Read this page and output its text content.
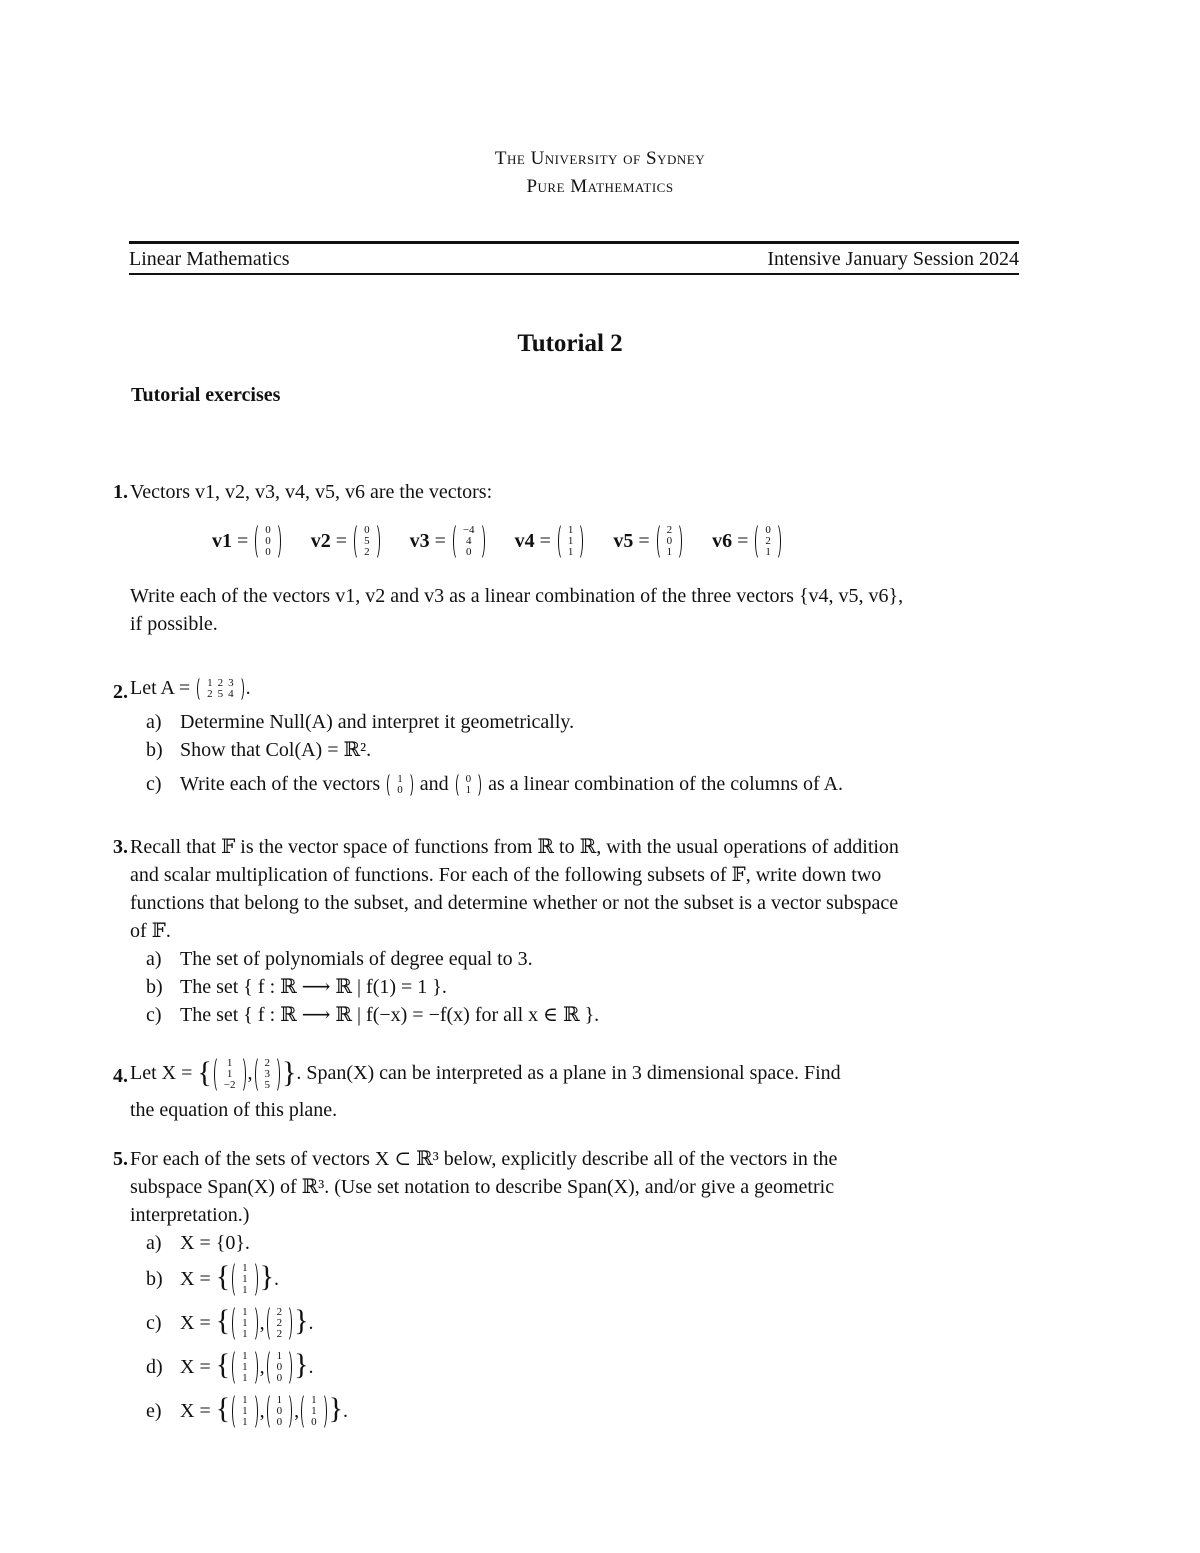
The University of Sydney
Pure Mathematics
Linear Mathematics	Intensive January Session 2024
Tutorial 2
Tutorial exercises
1. Vectors v1, v2, v3, v4, v5, v6 are the vectors:
v1 =
0
0
0 v2 =
0
5
2 v3 =
−4
4
0 v4 =
1
1
1 v5 =
2
0
1 v6 =
0
2
1
Write each of the vectors v1, v2 and v3 as a linear combination of the three vectors {v4, v5, v6},
if possible.
2. Let A = 1 2 3
2 5 4 .
a) Determine Null(A) and interpret it geometrically.
b) Show that Col(A) = ℝ².
c) Write each of the vectors 1
0 and 0
1 as a linear combination of the columns of A.
3. Recall that 𝔽 is the vector space of functions from ℝ to ℝ, with the usual operations of addition
and scalar multiplication of functions. For each of the following subsets of 𝔽, write down two
functions that belong to the subset, and determine whether or not the subset is a vector subspace
of 𝔽.
a) The set of polynomials of degree equal to 3.
b) The set { f : ℝ ⟶ ℝ | f(1) = 1 }.
c) The set { f : ℝ ⟶ ℝ | f(−x) = −f(x) for all x ∈ ℝ }.
4. Let X = { 1
1
−2
, 2
3
5 }. Span(X) can be interpreted as a plane in 3 dimensional space. Find
the equation of this plane.
5. For each of the sets of vectors X ⊂ ℝ³ below, explicitly describe all of the vectors in the
subspace Span(X) of ℝ³. (Use set notation to describe Span(X), and/or give a geometric
interpretation.)
a) X = {0}.
b) X =
{ 1
1
1 } .
c) X =
{ 1
1
1 ,
2
2
2 } .
d) X =
{ 1
1
1 ,
1
0
0 } .
e) X =
{ 1
1
1 ,
1
0
0 ,
1
1
0 } .
